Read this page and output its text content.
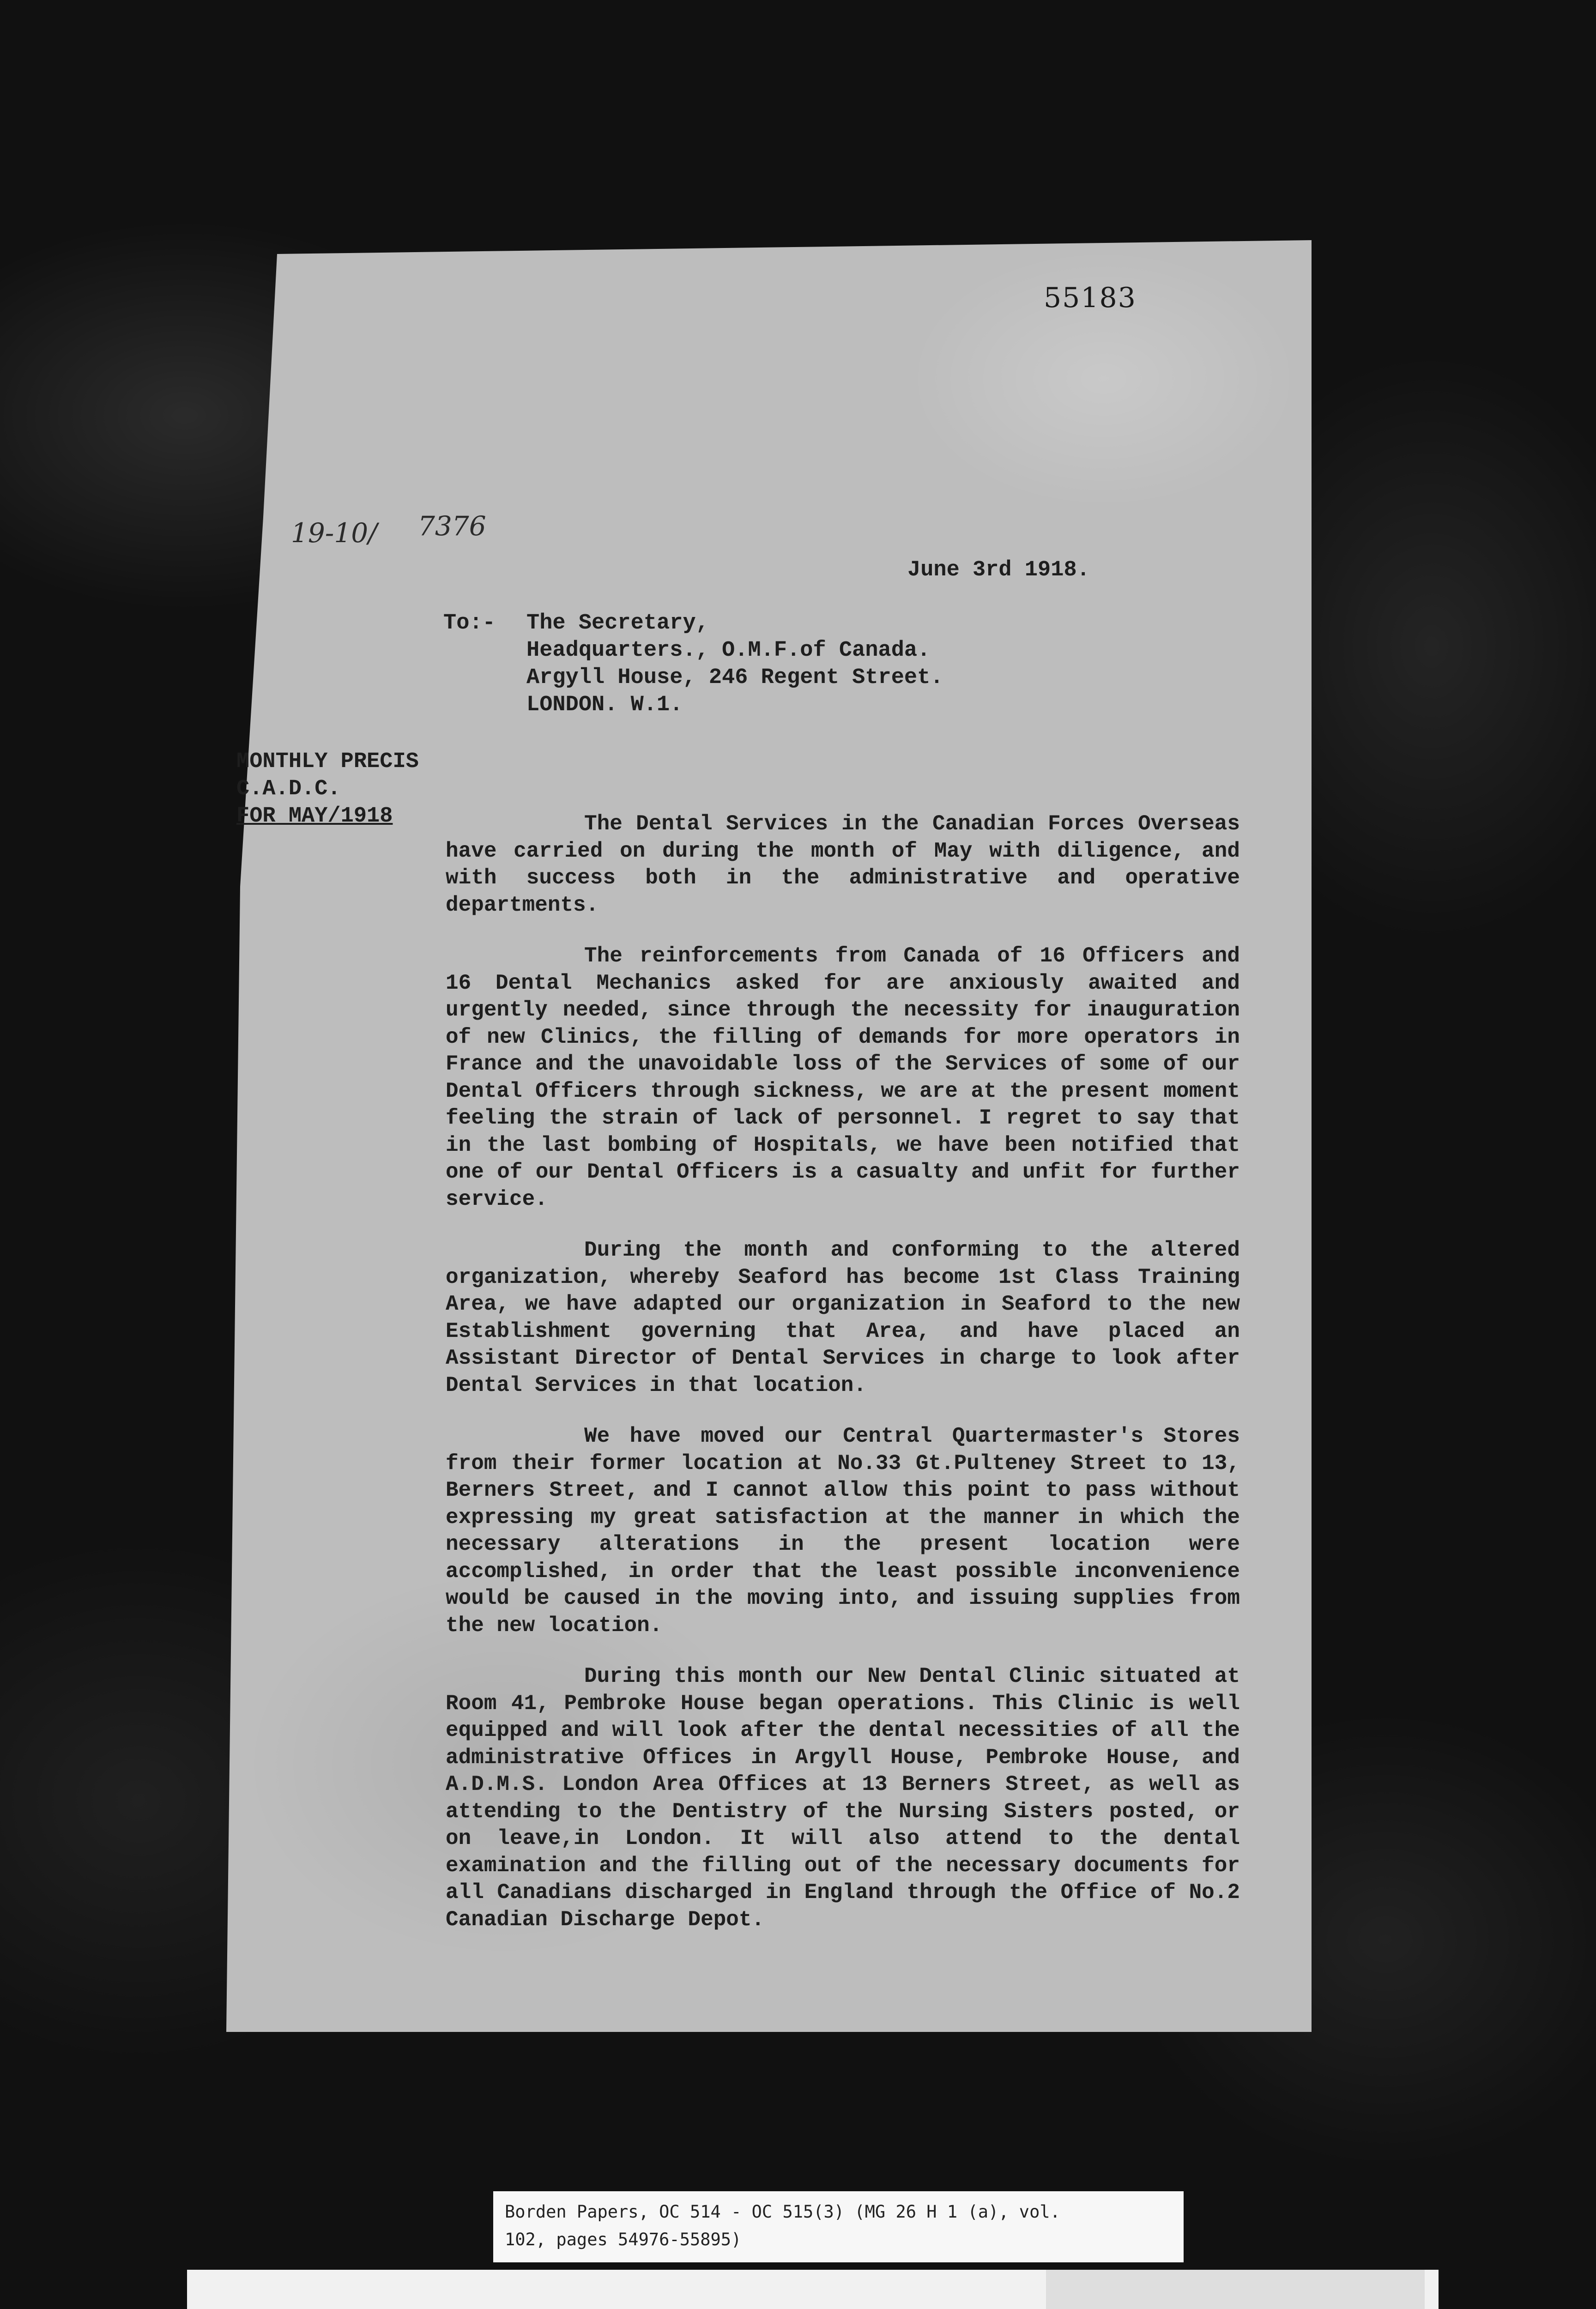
55183
19-10/ 7376
June 3rd 1918.
To:- The Secretary,
Headquarters., O.M.F.of Canada.
Argyll House, 246 Regent Street.
LONDON. W.1.
MONTHLY PRECIS
C.A.D.C.
FOR MAY/1918	The Dental Services in the Canadian Forces Overseas have carried on during the month of May with diligence, and with success both in the administrative and operative departments.

The reinforcements from Canada of 16 Officers and 16 Dental Mechanics asked for are anxiously awaited and urgently needed, since through the necessity for inauguration of new Clinics, the filling of demands for more operators in France and the unavoidable loss of the Services of some of our Dental Officers through sickness, we are at the present moment feeling the strain of lack of personnel. I regret to say that in the last bombing of Hospitals, we have been notified that one of our Dental Officers is a casualty and unfit for further service.

During the month and conforming to the altered organization, whereby Seaford has become 1st Class Training Area, we have adapted our organization in Seaford to the new Establishment governing that Area, and have placed an Assistant Director of Dental Services in charge to look after Dental Services in that location.

We have moved our Central Quartermaster's Stores from their former location at No.33 Gt.Pulteney Street to 13, Berners Street, and I cannot allow this point to pass without expressing my great satisfaction at the manner in which the necessary alterations in the present location were accomplished, in order that the least possible inconvenience would be caused in the moving into, and issuing supplies from the new location.

During this month our New Dental Clinic situated at Room 41, Pembroke House began operations. This Clinic is well equipped and will look after the dental necessities of all the administrative Offices in Argyll House, Pembroke House, and A.D.M.S. London Area Offices at 13 Berners Street, as well as attending to the Dentistry of the Nursing Sisters posted, or on leave,in London. It will also attend to the dental examination and the filling out of the necessary documents for all Canadians discharged in England through the Office of No.2 Canadian Discharge Depot.

Borden Papers, OC 514 - OC 515(3) (MG 26 H 1 (a), vol.
102, pages 54976-55895)
